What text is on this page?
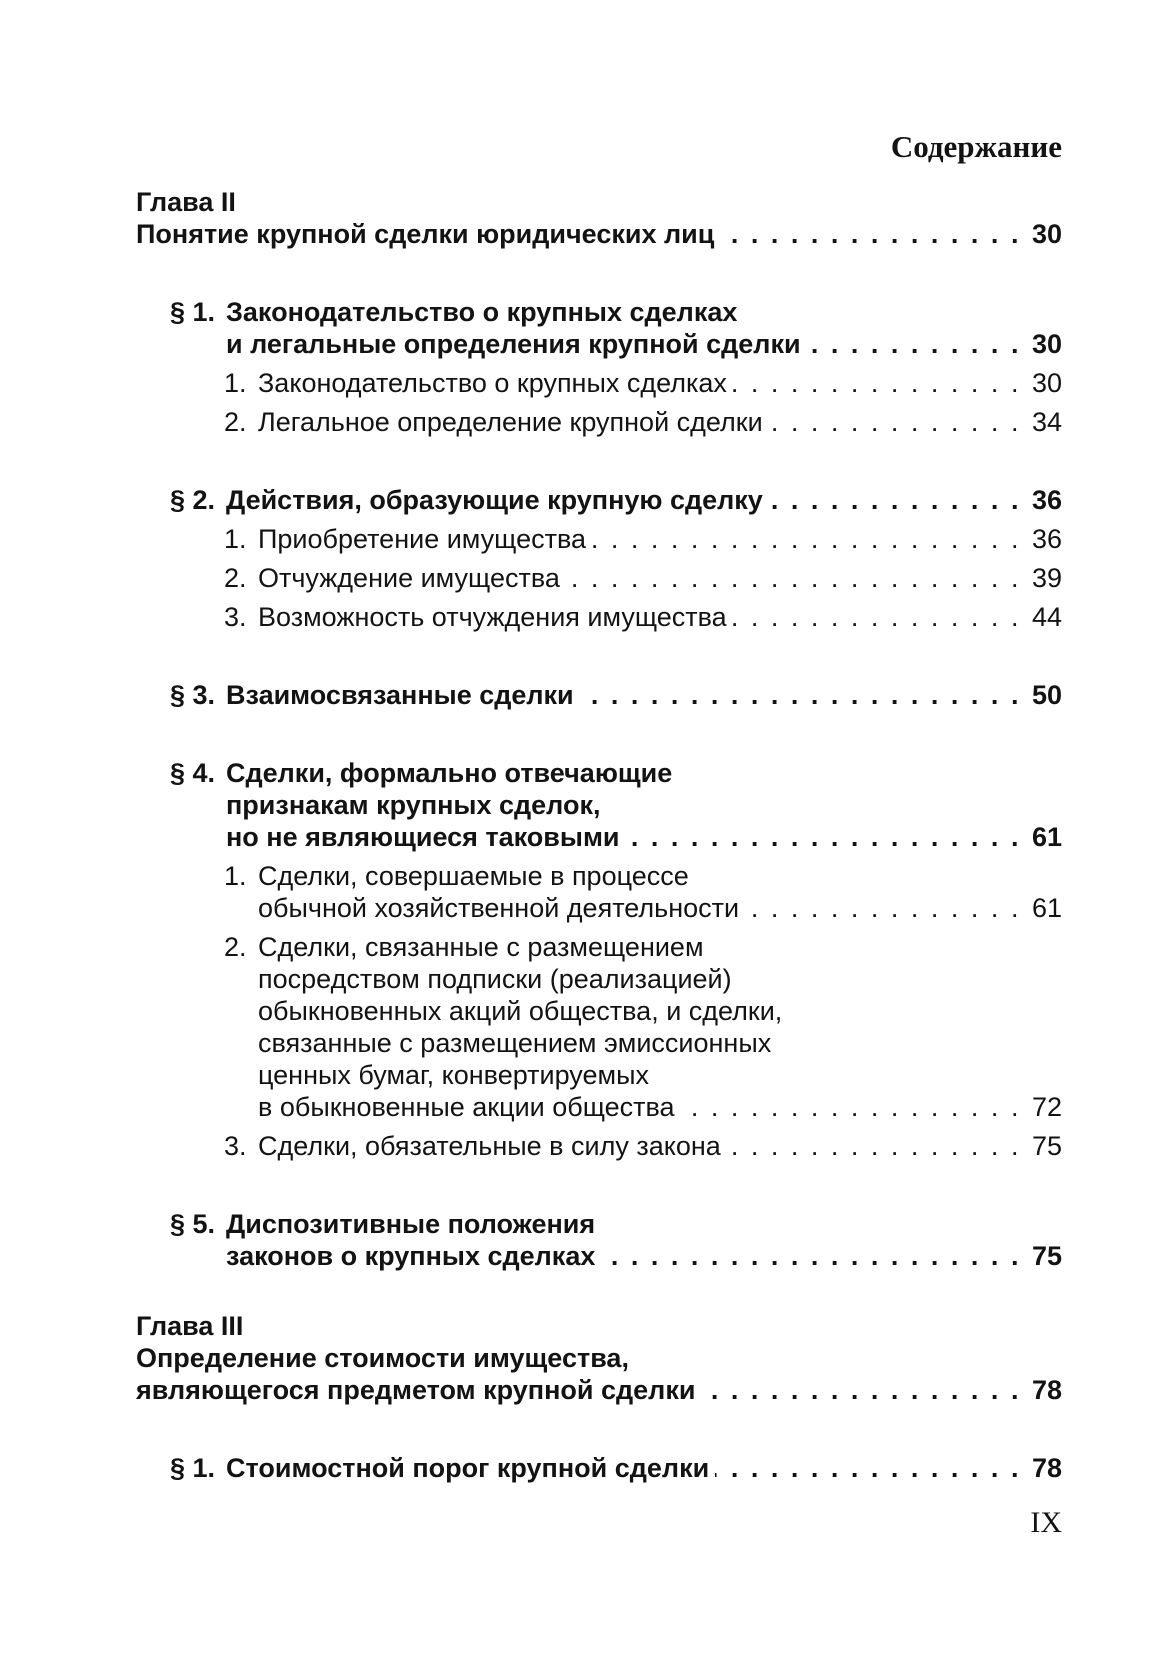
Содержание
Глава II
Понятие крупной сделки юридических лиц . . .	30
§ 1. Законодательство о крупных сделках
и легальные определения крупной сделки . . .	30
1. Законодательство о крупных сделках . . .	30
2. Легальное определение крупной сделки . . .	34
§ 2. Действия, образующие крупную сделку . . .	36
1. Приобретение имущества . . .	36
2. Отчуждение имущества . . .	39
3. Возможность отчуждения имущества . . .	44
§ 3. Взаимосвязанные сделки . . .	50
§ 4. Сделки, формально отвечающие
признакам крупных сделок,
но не являющиеся таковыми . . .	61
1. Сделки, совершаемые в процессе
обычной хозяйственной деятельности . . .	61
2. Сделки, связанные с размещением
посредством подписки (реализацией)
обыкновенных акций общества, и сделки,
связанные с размещением эмиссионных
ценных бумаг, конвертируемых
в обыкновенные акции общества . . .	72
3. Сделки, обязательные в силу закона . . .	75
§ 5. Диспозитивные положения
законов о крупных сделках . . .	75
Глава III
Определение стоимости имущества,
являющегося предметом крупной сделки . . .	78
§ 1. Стоимостной порог крупной сделки . . .	78
IX
